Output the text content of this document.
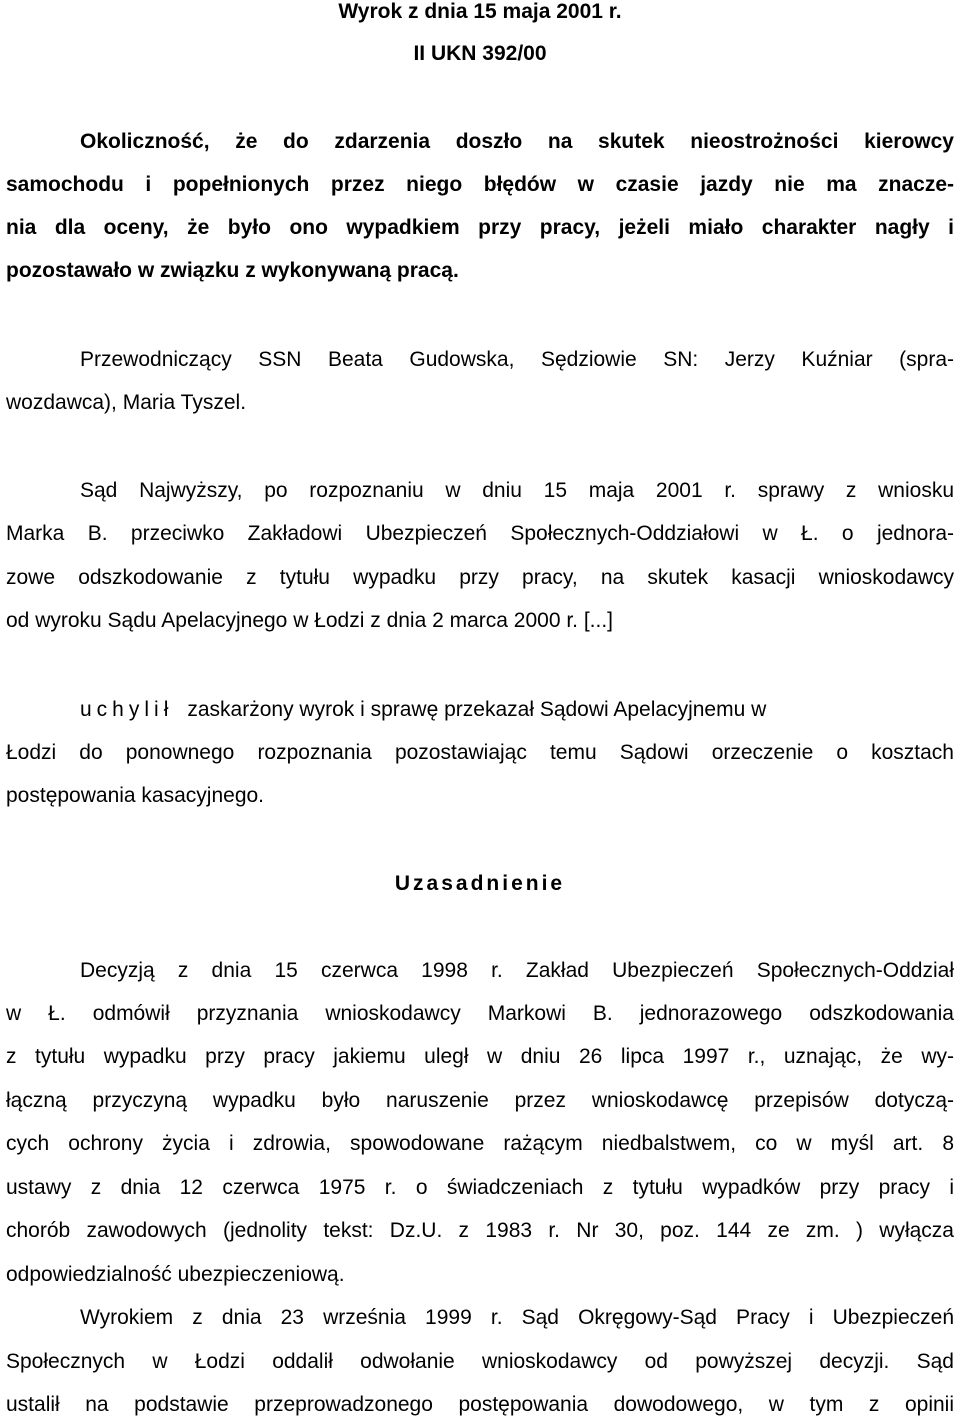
Wyrok z dnia 15 maja 2001 r.
II UKN 392/00
Okoliczność, że do zdarzenia doszło na skutek nieostrożności kierowcy
samochodu i popełnionych przez niego błędów w czasie jazdy nie ma znacze-
nia dla oceny, że było ono wypadkiem przy pracy, jeżeli miało charakter nagły i
pozostawało w związku z wykonywaną pracą.
Przewodniczący SSN Beata Gudowska, Sędziowie SN: Jerzy Kuźniar (spra-
wozdawca), Maria Tyszel.
Sąd Najwyższy, po rozpoznaniu w dniu 15 maja 2001 r. sprawy z wniosku
Marka B. przeciwko Zakładowi Ubezpieczeń Społecznych-Oddziałowi w Ł. o jednora-
zowe odszkodowanie z tytułu wypadku przy pracy, na skutek kasacji wnioskodawcy
od wyroku Sądu Apelacyjnego w Łodzi z dnia 2 marca 2000 r. [...]
uchylił zaskarżony wyrok i sprawę przekazał Sądowi Apelacyjnemu w
Łodzi do ponownego rozpoznania pozostawiając temu Sądowi orzeczenie o kosztach
postępowania kasacyjnego.
Uzasadnienie
Decyzją z dnia 15 czerwca 1998 r. Zakład Ubezpieczeń Społecznych-Oddział
w Ł. odmówił przyznania wnioskodawcy Markowi B. jednorazowego odszkodowania
z tytułu wypadku przy pracy jakiemu uległ w dniu 26 lipca 1997 r., uznając, że wy-
łączną przyczyną wypadku było naruszenie przez wnioskodawcę przepisów dotyczą-
cych ochrony życia i zdrowia, spowodowane rażącym niedbalstwem, co w myśl art. 8
ustawy z dnia 12 czerwca 1975 r. o świadczeniach z tytułu wypadków przy pracy i
chorób zawodowych (jednolity tekst: Dz.U. z 1983 r. Nr 30, poz. 144 ze zm. ) wyłącza
odpowiedzialność ubezpieczeniową.
Wyrokiem z dnia 23 września 1999 r. Sąd Okręgowy-Sąd Pracy i Ubezpieczeń
Społecznych w Łodzi oddalił odwołanie wnioskodawcy od powyższej decyzji. Sąd
ustalił na podstawie przeprowadzonego postępowania dowodowego, w tym z opinii
